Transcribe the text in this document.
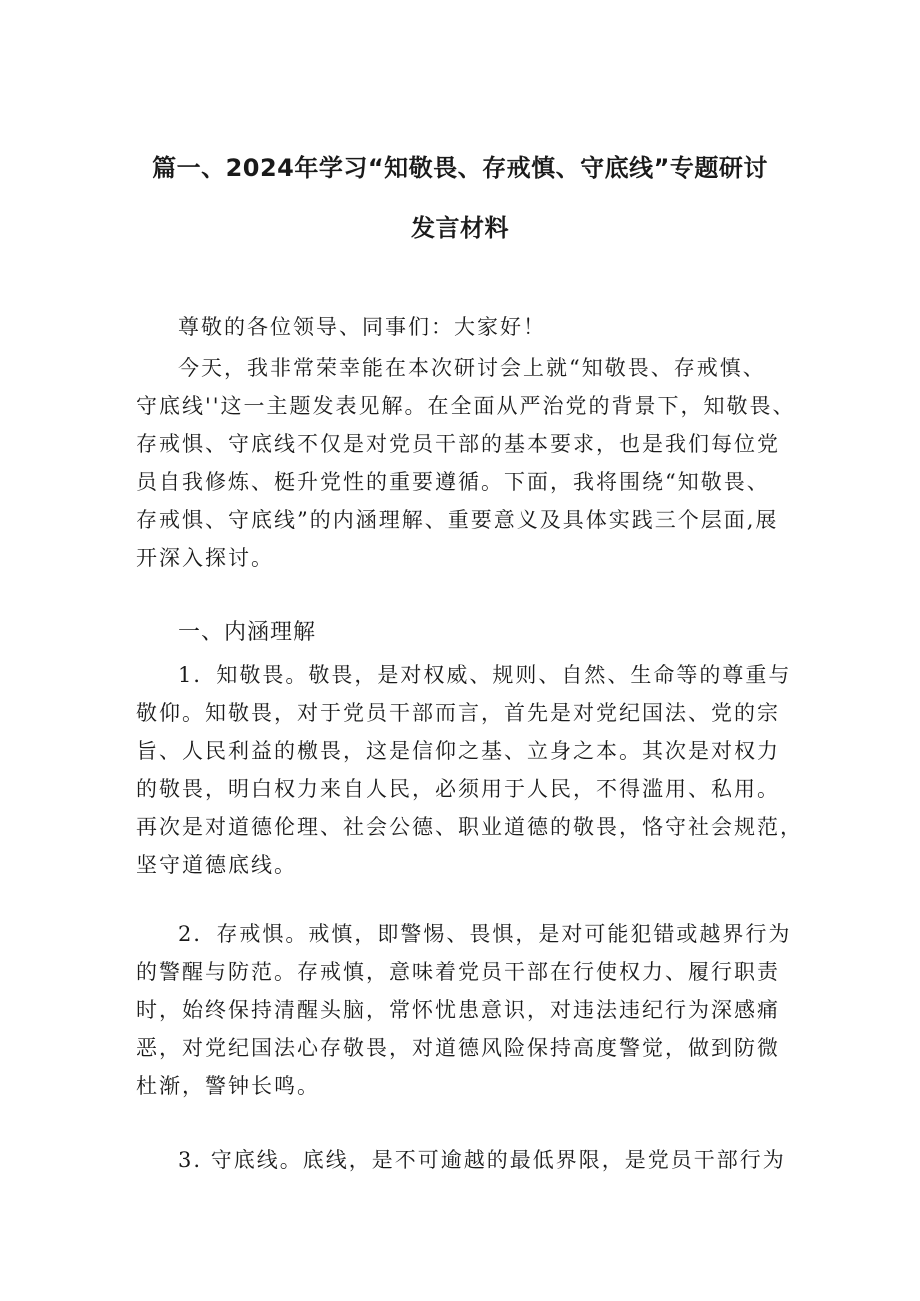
篇一、2024年学习“知敬畏、存戒慎、守底线”专题研讨
发言材料
尊敬的各位领导、同事们：大家好！
今天，我非常荣幸能在本次研讨会上就“知敬畏、存戒慎、
守底线''这一主题发表见解。在全面从严治党的背景下，知敬畏、
存戒惧、守底线不仅是对党员干部的基本要求，也是我们每位党
员自我修炼、梃升党性的重要遵循。下面，我将围绕“知敬畏、
存戒惧、守底线”的内涵理解、重要意义及具体实践三个层面,展
开深入探讨。
一、内涵理解
1．知敬畏。敬畏，是对权威、规则、自然、生命等的尊重与
敬仰。知敬畏，对于党员干部而言，首先是对党纪国法、党的宗
旨、人民利益的檄畏，这是信仰之基、立身之本。其次是对权力
的敬畏，明白权力来自人民，必须用于人民，不得滥用、私用。
再次是对道德伦理、社会公德、职业道德的敬畏，恪守社会规范，
坚守道德底线。
2．存戒惧。戒慎，即警惕、畏惧，是对可能犯错或越界行为
的警醒与防范。存戒慎，意味着党员干部在行使权力、履行职责
时，始终保持清醒头脑，常怀忧患意识，对违法违纪行为深感痛
恶，对党纪国法心存敬畏，对道德风险保持高度警觉，做到防微
杜渐，警钟长鸣。
3. 守底线。底线，是不可逾越的最低界限，是党员干部行为
